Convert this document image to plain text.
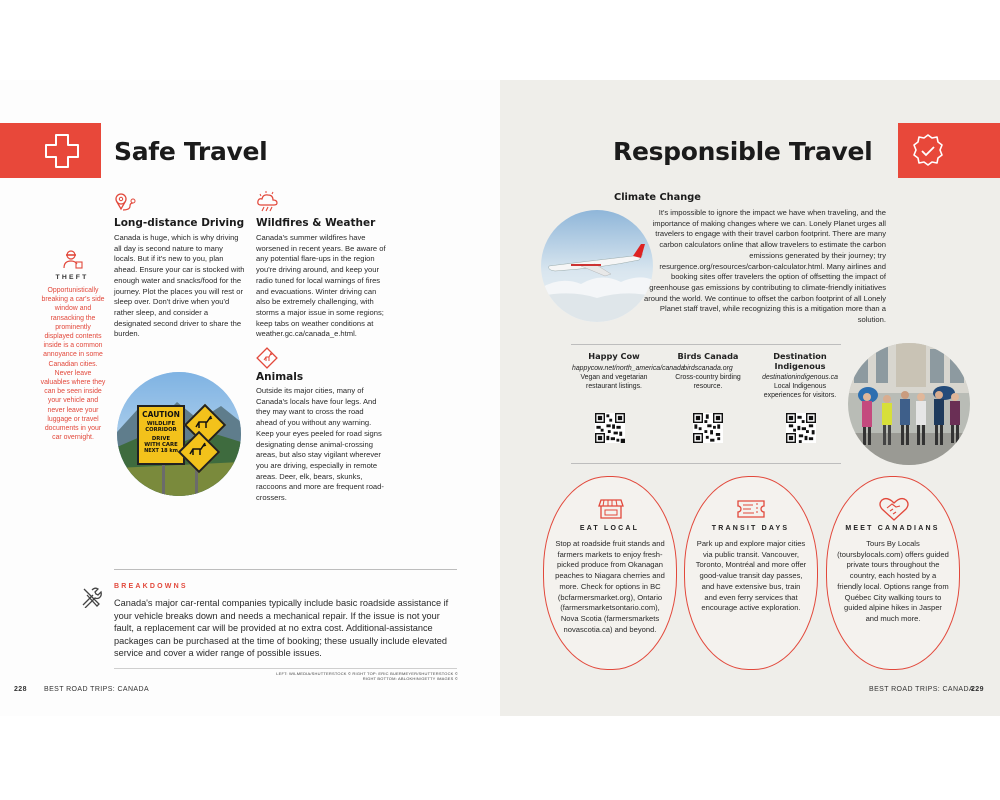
Safe Travel
Long-distance Driving
Canada is huge, which is why driving all day is second nature to many locals. But if it's new to you, plan ahead. Ensure your car is stocked with enough water and snacks/food for the journey. Plot the places you will rest or sleep over. Don't drive when you'd rather sleep, and consider a designated second driver to share the burden.
Wildfires & Weather
Canada's summer wildfires have worsened in recent years. Be aware of any potential flare-ups in the region you're driving around, and keep your radio tuned for local warnings of fires and evacuations. Winter driving can also be extremely challenging, with storms a major issue in some regions; keep tabs on weather conditions at weather.gc.ca/canada_e.html.
Animals
Outside its major cities, many of Canada's locals have four legs. And they may want to cross the road ahead of you without any warning. Keep your eyes peeled for road signs designating dense animal-crossing areas, but also stay vigilant wherever you are driving, especially in remote areas. Deer, elk, bears, skunks, raccoons and more are frequent road-crossers.
THEFT
Opportunistically breaking a car's side window and ransacking the prominently displayed contents inside is a common annoyance in some Canadian cities. Never leave valuables where they can be seen inside your vehicle and never leave your luggage or travel documents in your car overnight.
CAUTION
WILDLIFE
CORRIDOR
DRIVE
WITH CARE
NEXT 18 km
BREAKDOWNS
Canada's major car-rental companies typically include basic roadside assistance if your vehicle breaks down and needs a mechanical repair. If the issue is not your fault, a replacement car will be provided at no extra cost. Additional-assistance packages can be purchased at the time of booking; these usually include elevated service and cover a wider range of possible issues.
LEFT: WILMEDIA/SHUTTERSTOCK © RIGHT TOP: ERIC BUERMEYER/SHUTTERSTOCK ©
RIGHT BOTTOM: ABLOKHIN/GETTY IMAGES ©
228 BEST ROAD TRIPS: CANADA
Responsible Travel
Climate Change
It's impossible to ignore the impact we have when traveling, and the importance of making changes where we can. Lonely Planet urges all travelers to engage with their travel carbon footprint. There are many carbon calculators online that allow travelers to estimate the carbon emissions generated by their journey; try resurgence.org/resources/carbon-calculator.html. Many airlines and booking sites offer travelers the option of offsetting the impact of greenhouse gas emissions by contributing to climate-friendly initiatives around the world. We continue to offset the carbon footprint of all Lonely Planet staff travel, while recognizing this is a mitigation more than a solution.
Happy Cow
happycow.net/north_america/canada
Vegan and vegetarian restaurant listings.
Birds Canada
birdscanada.org
Cross-country birding resource.
Destination Indigenous
destinationindigenous.ca
Local Indigenous experiences for visitors.
EAT LOCAL
Stop at roadside fruit stands and farmers markets to enjoy fresh-picked produce from Okanagan peaches to Niagara cherries and more. Check for options in BC (bcfarmersmarket.org), Ontario (farmersmarketsontario.com), Nova Scotia (farmersmarkets novascotia.ca) and beyond.
TRANSIT DAYS
Park up and explore major cities via public transit. Vancouver, Toronto, Montréal and more offer good-value transit day passes, and have extensive bus, train and even ferry services that encourage active exploration.
MEET CANADIANS
Tours By Locals (toursbylocals.com) offers guided private tours throughout the country, each hosted by a friendly local. Options range from Québec City walking tours to guided alpine hikes in Jasper and much more.
BEST ROAD TRIPS: CANADA
229
